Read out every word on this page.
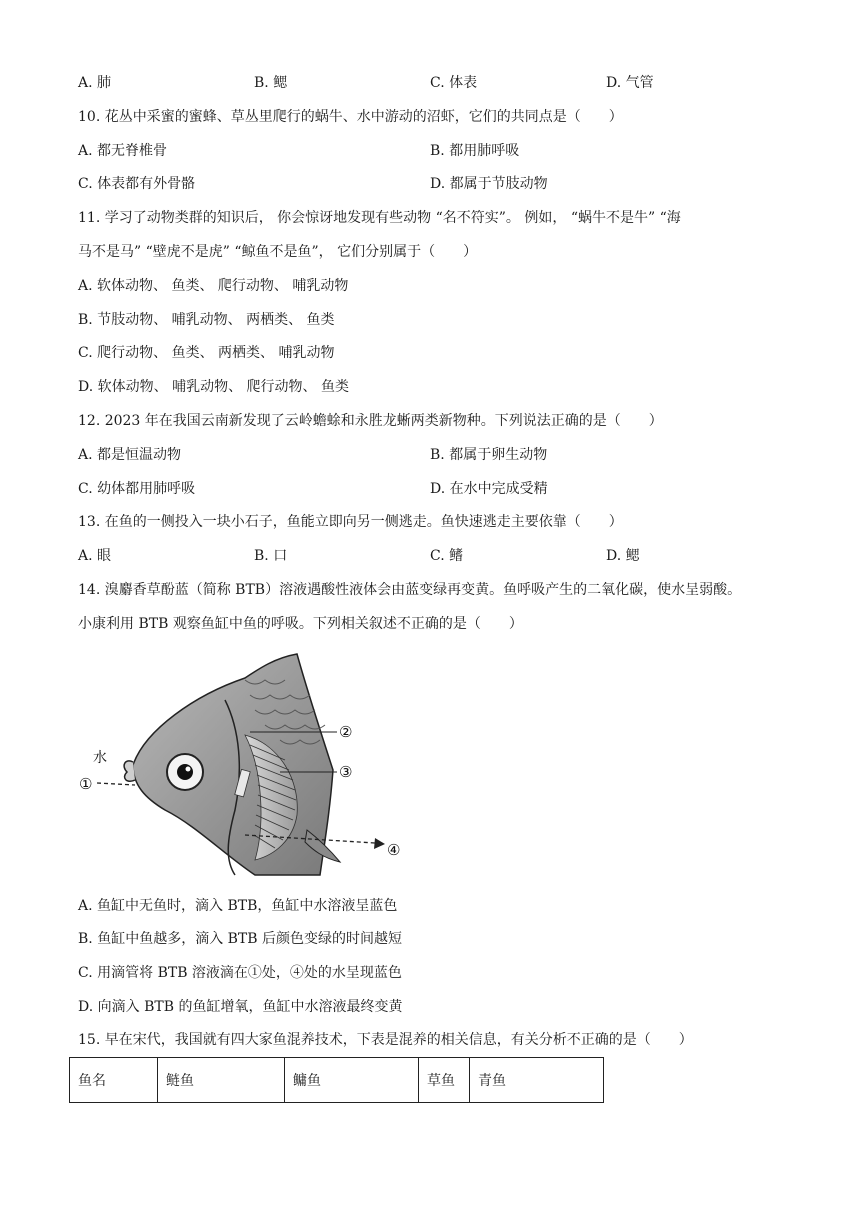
A. 肺	B. 鳃	C. 体表	D. 气管
10. 花丛中采蜜的蜜蜂、草丛里爬行的蜗牛、水中游动的沼虾，它们的共同点是（　　）
A. 都无脊椎骨	B. 都用肺呼吸
C. 体表都有外骨骼	D. 都属于节肢动物
11. 学习了动物类群的知识后， 你会惊讶地发现有些动物 “名不符实”。 例如， “蜗牛不是牛” “海
马不是马” “壁虎不是虎” “鲸鱼不是鱼”， 它们分别属于（　　）
A. 软体动物、 鱼类、 爬行动物、 哺乳动物
B. 节肢动物、 哺乳动物、 两栖类、 鱼类
C. 爬行动物、 鱼类、 两栖类、 哺乳动物
D. 软体动物、 哺乳动物、 爬行动物、 鱼类
12. 2023 年在我国云南新发现了云岭蟾蜍和永胜龙蜥两类新物种。下列说法正确的是（　　）
A. 都是恒温动物	B. 都属于卵生动物
C. 幼体都用肺呼吸	D. 在水中完成受精
13. 在鱼的一侧投入一块小石子，鱼能立即向另一侧逃走。鱼快速逃走主要依靠（　　）
A. 眼	B. 口	C. 鳍	D. 鳃
14. 溴麝香草酚蓝（简称 BTB）溶液遇酸性液体会由蓝变绿再变黄。鱼呼吸产生的二氧化碳，使水呈弱酸。
小康利用 BTB 观察鱼缸中鱼的呼吸。下列相关叙述不正确的是（　　）
水
①
②
③
④
A. 鱼缸中无鱼时，滴入 BTB，鱼缸中水溶液呈蓝色
B. 鱼缸中鱼越多，滴入 BTB 后颜色变绿的时间越短
C. 用滴管将 BTB 溶液滴在①处，④处的水呈现蓝色
D. 向滴入 BTB 的鱼缸增氧，鱼缸中水溶液最终变黄
15. 早在宋代，我国就有四大家鱼混养技术，下表是混养的相关信息，有关分析不正确的是（　　）
鱼名	鲢鱼	鳙鱼	草鱼	青鱼
